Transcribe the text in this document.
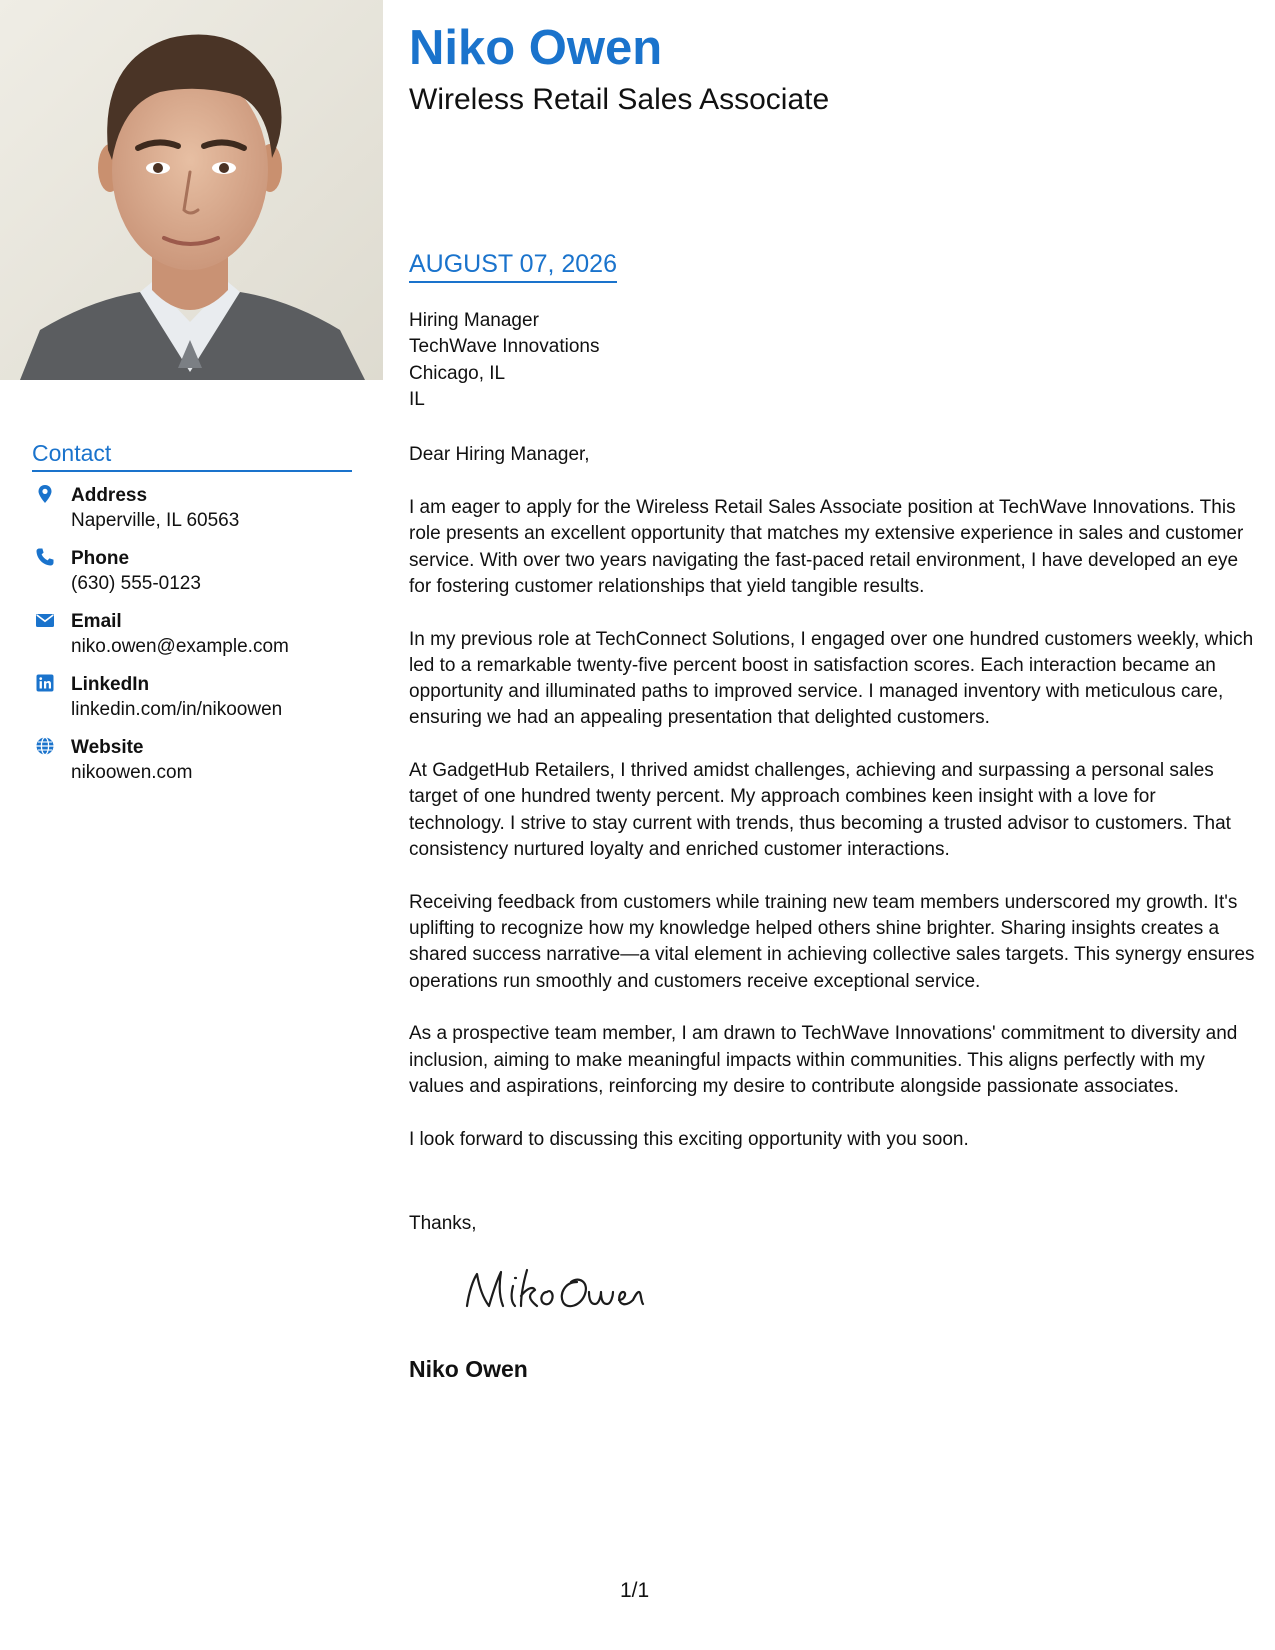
Niko Owen
Wireless Retail Sales Associate
Contact
Address
Naperville, IL 60563
Phone
(630) 555-0123
Email
niko.owen@example.com
LinkedIn
linkedin.com/in/nikoowen
Website
nikoowen.com
AUGUST 07, 2026
Hiring Manager
TechWave Innovations
Chicago, IL
IL
Dear Hiring Manager,

I am eager to apply for the Wireless Retail Sales Associate position at TechWave Innovations. This role presents an excellent opportunity that matches my extensive experience in sales and customer service. With over two years navigating the fast-paced retail environment, I have developed an eye for fostering customer relationships that yield tangible results.

In my previous role at TechConnect Solutions, I engaged over one hundred customers weekly, which led to a remarkable twenty-five percent boost in satisfaction scores. Each interaction became an opportunity and illuminated paths to improved service. I managed inventory with meticulous care, ensuring we had an appealing presentation that delighted customers.

At GadgetHub Retailers, I thrived amidst challenges, achieving and surpassing a personal sales target of one hundred twenty percent. My approach combines keen insight with a love for technology. I strive to stay current with trends, thus becoming a trusted advisor to customers. That consistency nurtured loyalty and enriched customer interactions.

Receiving feedback from customers while training new team members underscored my growth. It's uplifting to recognize how my knowledge helped others shine brighter. Sharing insights creates a shared success narrative—a vital element in achieving collective sales targets. This synergy ensures operations run smoothly and customers receive exceptional service.

As a prospective team member, I am drawn to TechWave Innovations' commitment to diversity and inclusion, aiming to make meaningful impacts within communities. This aligns perfectly with my values and aspirations, reinforcing my desire to contribute alongside passionate associates.

I look forward to discussing this exciting opportunity with you soon.

Thanks,
Niko Owen
1/1
